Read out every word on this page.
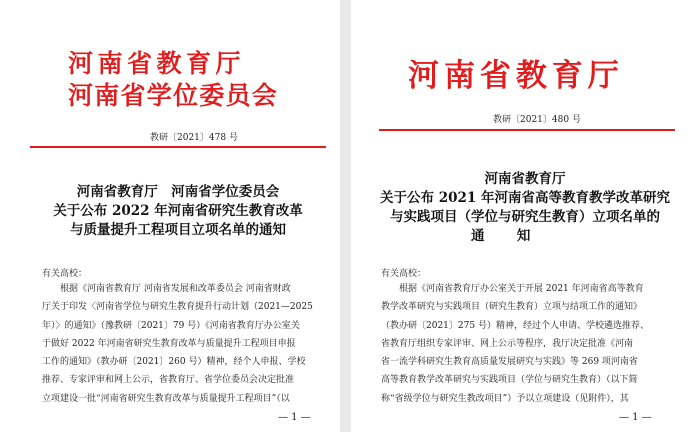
河南省教育厅
河南省学位委员会
教研〔2021〕478 号
河南省教育厅　河南省学位委员会
关于公布 2022 年河南省研究生教育改革
与质量提升工程项目立项名单的通知
有关高校：
　　根据《河南省教育厅 河南省发展和改革委员会 河南省财政
厅关于印发〈河南省学位与研究生教育提升行动计划（2021—2025
年）〉的通知》（豫教研〔2021〕79 号）《河南省教育厅办公室关
于做好 2022 年河南省研究生教育改革与质量提升工程项目申报
工作的通知》（教办研〔2021〕260 号）精神，经个人申报、学校
推荐、专家评审和网上公示，省教育厅、省学位委员会决定批准
立项建设一批“河南省研究生教育改革与质量提升工程项目”（以
— 1 —
河南省教育厅
教研〔2021〕480 号
河南省教育厅
关于公布 2021 年河南省高等教育教学改革研究
与实践项目（学位与研究生教育）立项名单的
通知
有关高校：
　　根据《河南省教育厅办公室关于开展 2021 年河南省高等教育
教学改革研究与实践项目（研究生教育）立项与结项工作的通知》
（教办研〔2021〕275 号）精神，经过个人申请、学校遴选推荐、
省教育厅组织专家评审、网上公示等程序，我厅决定批准《河南
省一流学科研究生教育高质量发展研究与实践》等 269 项河南省
高等教育教学改革研究与实践项目（学位与研究生教育）（以下简
称“省级学位与研究生教改项目”）予以立项建设（见附件），其
— 1 —
